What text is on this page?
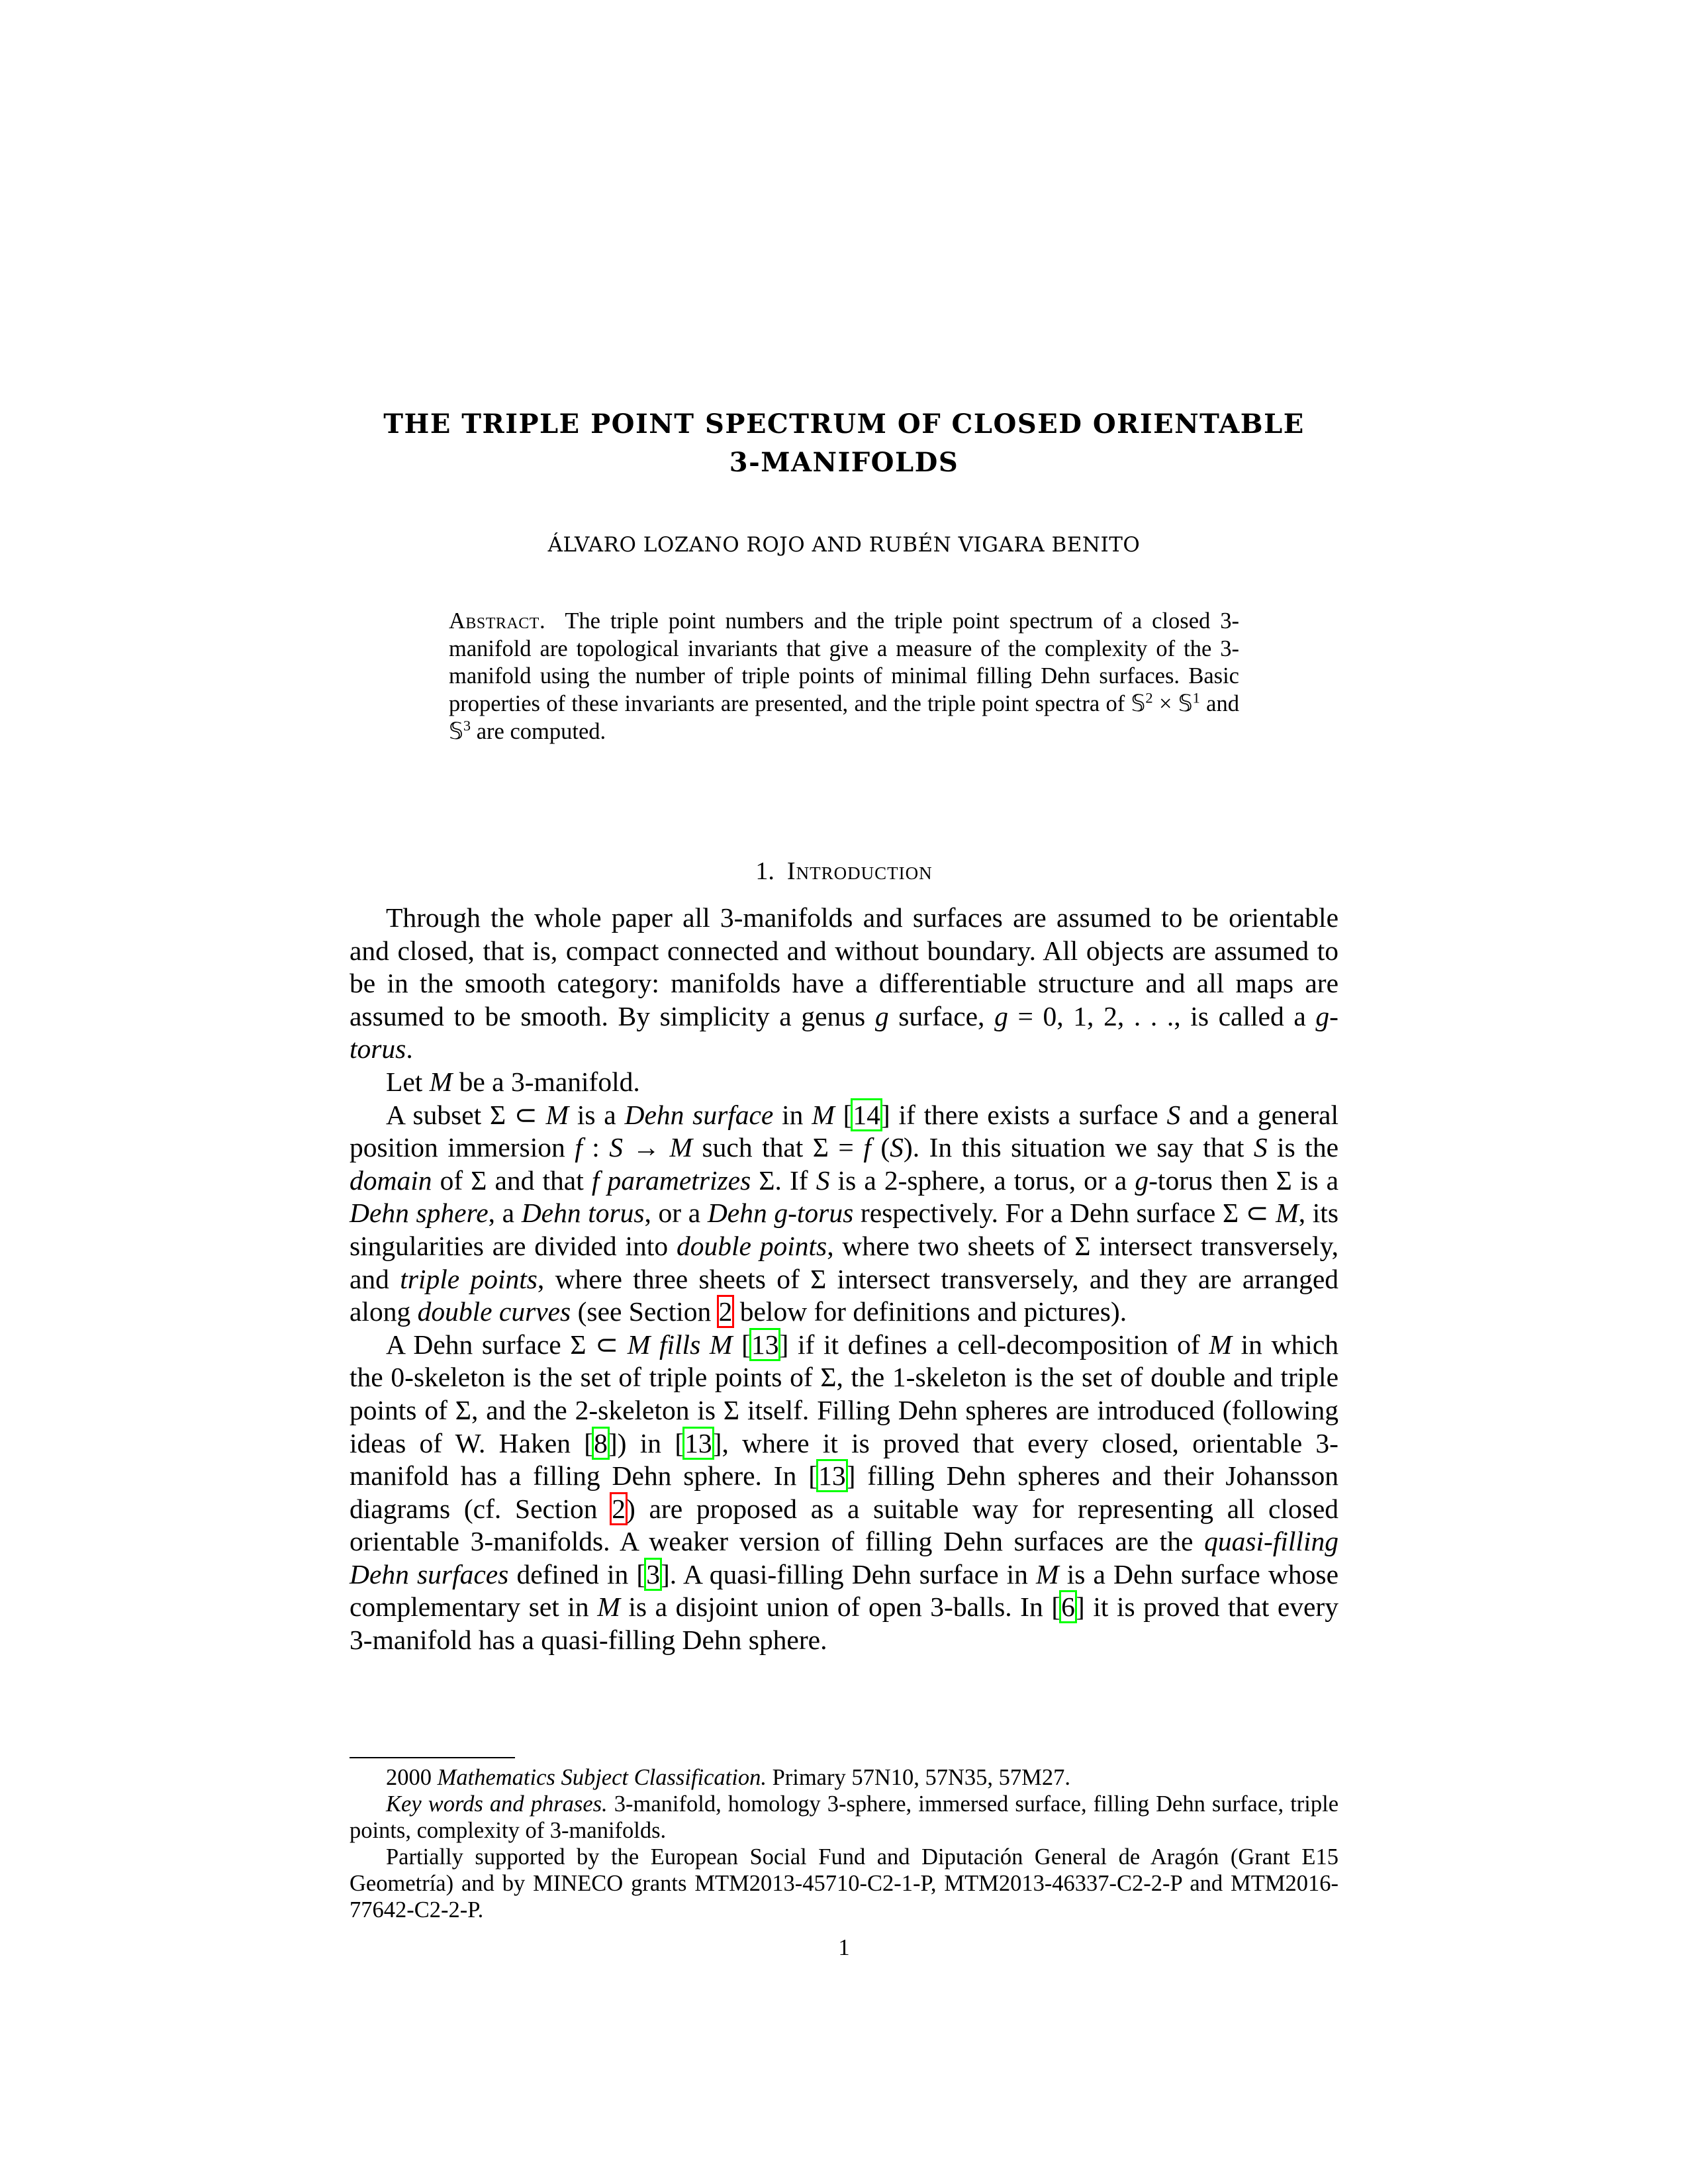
THE TRIPLE POINT SPECTRUM OF CLOSED ORIENTABLE
3-MANIFOLDS
ÁLVARO LOZANO ROJO AND RUBÉN VIGARA BENITO
Abstract. The triple point numbers and the triple point spectrum of a closed 3-manifold are topological invariants that give a measure of the complexity of the 3-manifold using the number of triple points of minimal filling Dehn surfaces. Basic properties of these invariants are presented, and the triple point spectra of 𝕊$^2$ × 𝕊$^1$ and 𝕊$^3$ are computed.
1. Introduction

Through the whole paper all 3-manifolds and surfaces are assumed to be orientable and closed, that is, compact connected and without boundary. All objects are assumed to be in the smooth category: manifolds have a differentiable structure and all maps are assumed to be smooth. By simplicity a genus g surface, g = 0, 1, 2, . . ., is called a g-torus.

Let M be a 3-manifold.

A subset Σ ⊂ M is a Dehn surface in M [14] if there exists a surface S and a general position immersion f : S → M such that Σ = f (S). In this situation we say that S is the domain of Σ and that f parametrizes Σ. If S is a 2-sphere, a torus, or a g-torus then Σ is a Dehn sphere, a Dehn torus, or a Dehn g-torus respectively. For a Dehn surface Σ ⊂ M, its singularities are divided into double points, where two sheets of Σ intersect transversely, and triple points, where three sheets of Σ intersect transversely, and they are arranged along double curves (see Section 2 below for definitions and pictures).

A Dehn surface Σ ⊂ M fills M [13] if it defines a cell-decomposition of M in which the 0-skeleton is the set of triple points of Σ, the 1-skeleton is the set of double and triple points of Σ, and the 2-skeleton is Σ itself. Filling Dehn spheres are introduced (following ideas of W. Haken [8]) in [13], where it is proved that every closed, orientable 3-manifold has a filling Dehn sphere. In [13] filling Dehn spheres and their Johansson diagrams (cf. Section 2) are proposed as a suitable way for representing all closed orientable 3-manifolds. A weaker version of filling Dehn surfaces are the quasi-filling Dehn surfaces defined in [3]. A quasi-filling Dehn surface in M is a Dehn surface whose complementary set in M is a disjoint union of open 3-balls. In [6] it is proved that every 3-manifold has a quasi-filling Dehn sphere.

2000 Mathematics Subject Classification. Primary 57N10, 57N35, 57M27.

Key words and phrases. 3-manifold, homology 3-sphere, immersed surface, filling Dehn surface, triple points, complexity of 3-manifolds.

Partially supported by the European Social Fund and Diputación General de Aragón (Grant E15 Geometría) and by MINECO grants MTM2013-45710-C2-1-P, MTM2013-46337-C2-2-P and MTM2016-77642-C2-2-P.

1
